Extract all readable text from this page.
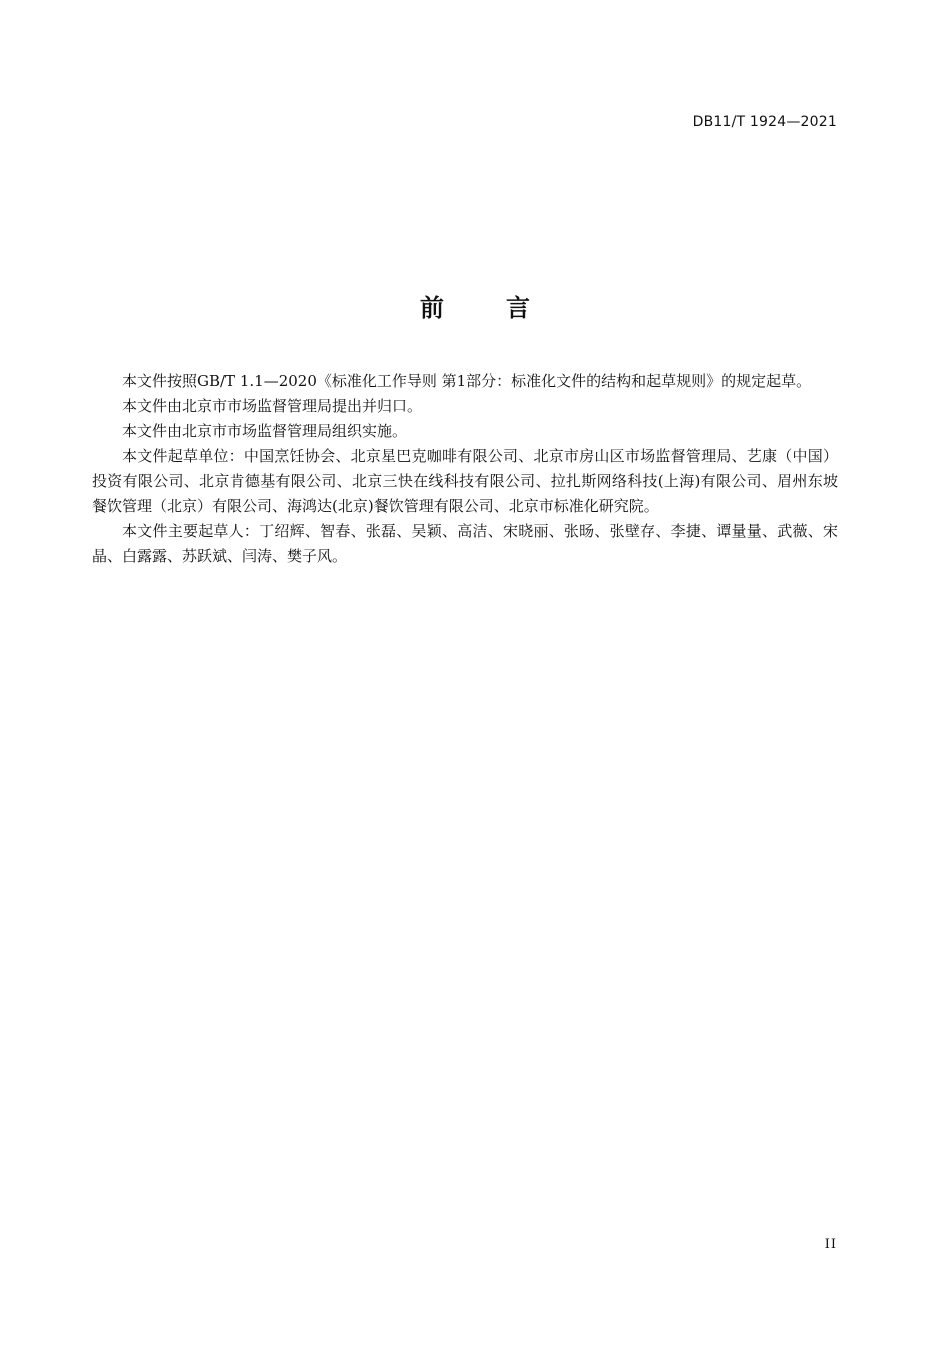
DB11/T 1924—2021
前	言

本文件按照GB/T 1.1—2020《标准化工作导则 第1部分：标准化文件的结构和起草规则》的规定起草。

本文件由北京市市场监督管理局提出并归口。

本文件由北京市市场监督管理局组织实施。

本文件起草单位：中国烹饪协会、北京星巴克咖啡有限公司、北京市房山区市场监督管理局、艺康（中国）投资有限公司、北京肯德基有限公司、北京三快在线科技有限公司、拉扎斯网络科技(上海)有限公司、眉州东坡餐饮管理（北京）有限公司、海鸿达(北京)餐饮管理有限公司、北京市标准化研究院。

本文件主要起草人：丁绍辉、智春、张磊、吴颖、高洁、宋晓丽、张旸、张壁存、李捷、谭量量、武薇、宋晶、白露露、苏跃斌、闫涛、樊子风。

II
